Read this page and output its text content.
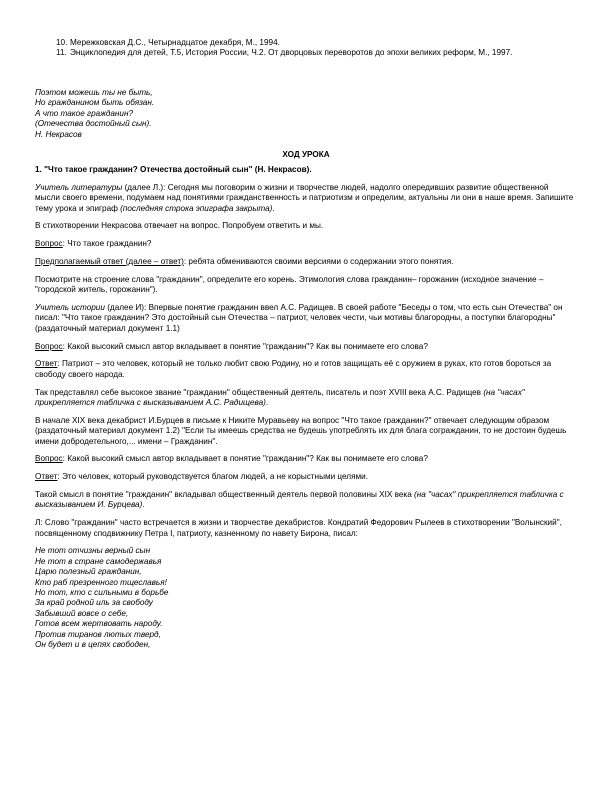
10. Мережковская Д.С., Четырнадцатое декабря, М., 1994.
11. Энциклопедия для детей, Т.5, История России, Ч.2. От дворцовых переворотов до эпохи великих реформ, М., 1997.
Поэтом можешь ты не быть,
Но гражданином быть обязан.
А что такое гражданин?
(Отечества достойный сын).
Н. Некрасов
ХОД УРОКА

1. "Что такое гражданин? Отечества достойный сын" (Н. Некрасов).

Учитель литературы (далее Л.): Сегодня мы поговорим о жизни и творчестве людей, надолго опередивших развитие общественной мысли своего времени, подумаем над понятиями гражданственность и патриотизм и определим, актуальны ли они в наше время. Запишите тему урока и эпиграф (последняя строка эпиграфа закрыта).

В стихотворении Некрасова отвечает на вопрос. Попробуем ответить и мы.

Вопрос: Что такое гражданин?

Предполагаемый ответ (далее – ответ): ребята обмениваются своими версиями о содержании этого понятия.

Посмотрите на строение слова "гражданин", определите его корень. Этимология слова гражданин– горожанин (исходное значение – "городской житель, горожанин").

Учитель истории (далее И): Впервые понятие гражданин ввел А.С. Радищев. В своей работе "Беседы о том, что есть сын Отечества" он писал: "Что такое гражданин? Это достойный сын Отечества – патриот, человек чести, чьи мотивы благородны, а поступки благородны" (раздаточный материал документ 1.1)

Вопрос: Какой высокий смысл автор вкладывает в понятие "гражданин"? Как вы понимаете его слова?

Ответ: Патриот – это человек, который не только любит свою Родину, но и готов защищать её с оружием в руках, кто готов бороться за свободу своего народа.

Так представлял себе высокое звание "гражданин" общественный деятель, писатель и поэт XVIII века А.С. Радищев (на "часах" прикрепляется табличка с высказыванием А.С. Радищева).

В начале XIX века декабрист И.Бурцев в письме к Никите Муравьеву на вопрос "Что такое гражданин?" отвечает следующим образом (раздаточный материал документ 1.2) "Если ты имеешь средства не будешь употреблять их для блага согражданин, то не достоин будешь имени добродетельного,... имени – Гражданин".

Вопрос: Какой высокий смысл автор вкладывает в понятие "гражданин"? Как вы понимаете его слова?

Ответ: Это человек, который руководствуется благом людей, а не корыстными целями.

Такой смысл в понятие "гражданин" вкладывал общественный деятель первой половины XIX века (на "часах" прикрепляется табличка с высказыванием И. Бурцева).

Л: Слово "гражданин" часто встречается в жизни и творчестве декабристов. Кондратий Федорович Рылеев в стихотворении "Волынский", посвященному сподвижнику Петра I, патриоту, казненному по навету Бирона, писал:

Не тот отчизны верный сын
Не тот в стране самодержавья
Царю полезный гражданин,
Кто раб презренного тщеславья!
Но тот, кто с сильными в борьбе
За край родной иль за свободу
Забывший вовсе о себе,
Готов всем жертвовать народу.
Против тиранов лютых тверд,
Он будет и в цепях свободен,
